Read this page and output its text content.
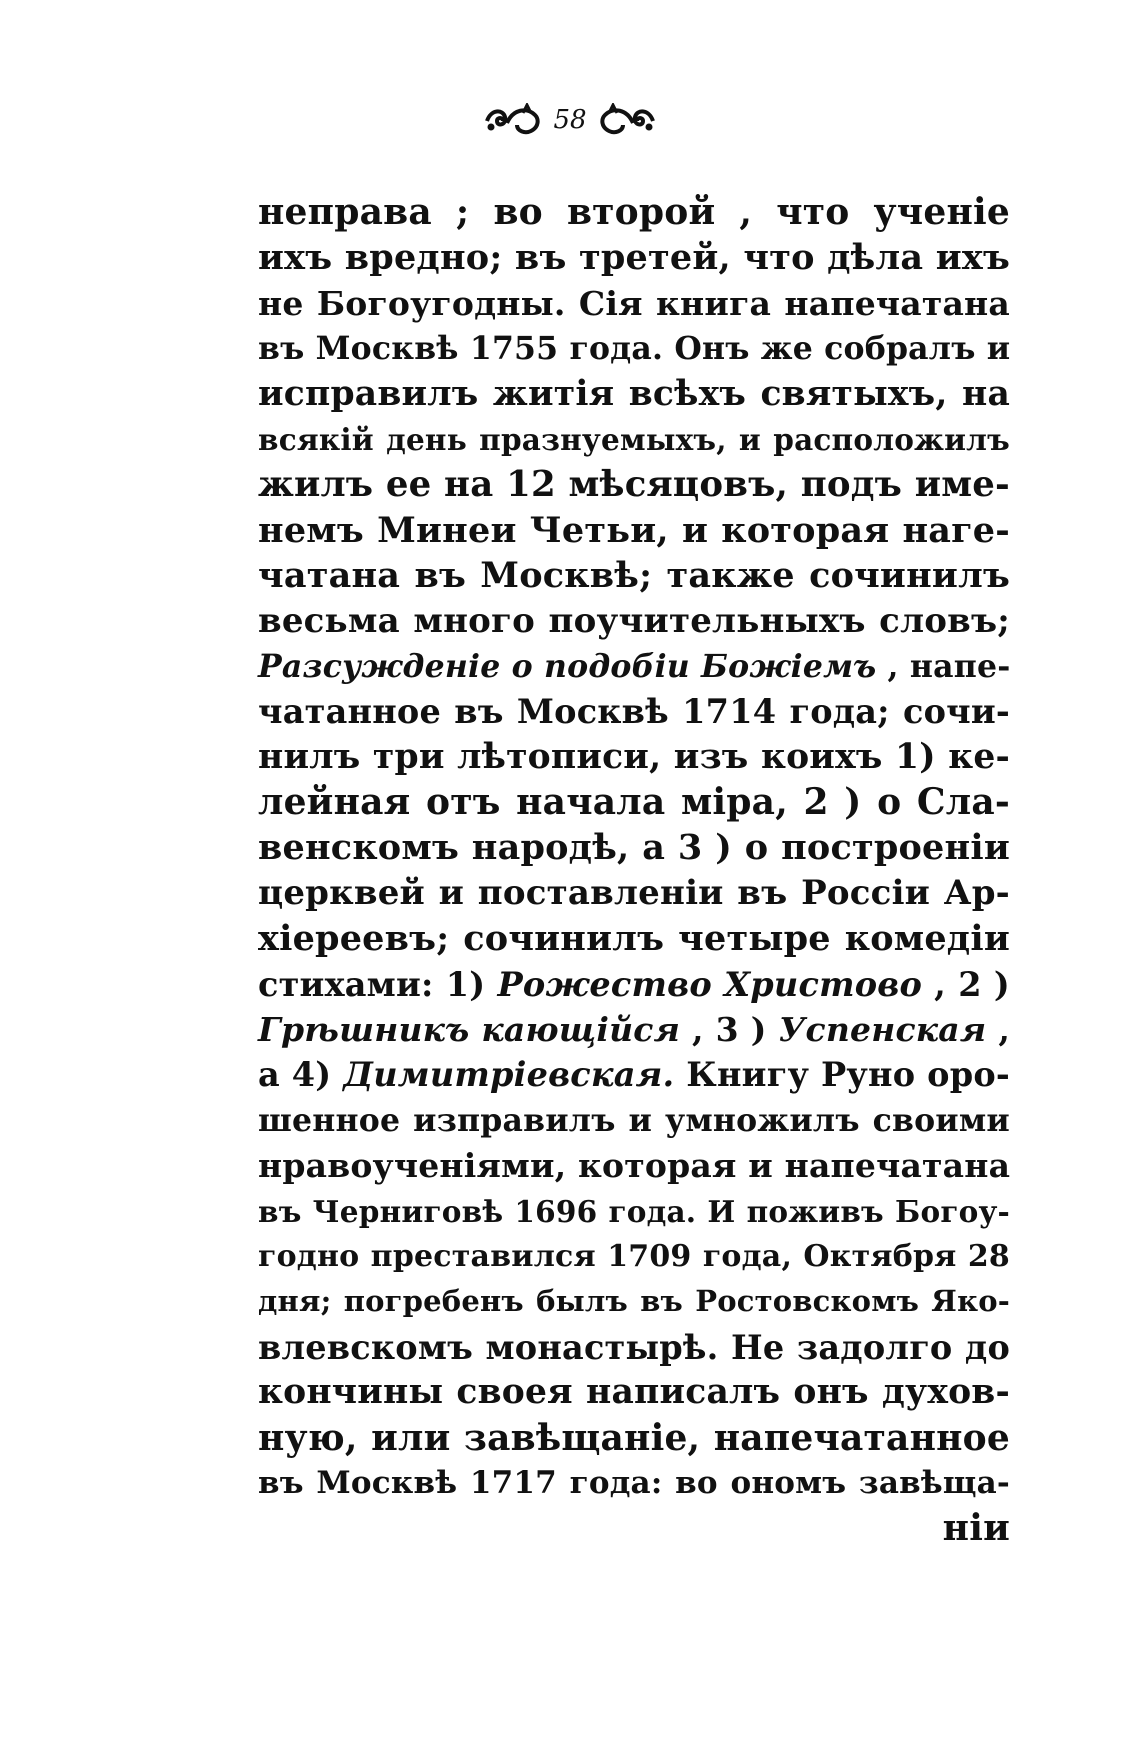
58
неправа ; во второй , что ученіе
ихъ вредно; въ третей, что дѣла ихъ
не Богоугодны. Сія книга напечатана
въ Москвѣ 1755 года. Онъ же собралъ и
исправилъ житія всѣхъ святыхъ, на
всякій день празнуемыхъ, и расположилъ
жилъ ее на 12 мѣсяцовъ, подъ име-
немъ Минеи Четьи, и которая наге-
чатана въ Москвѣ; также сочинилъ
весьма много поучительныхъ словъ;
Разсужденіе о подобіи Божіемъ , напе-
чатанное въ Москвѣ 1714 года; сочи-
нилъ три лѣтописи, изъ коихъ 1) ке-
лейная отъ начала міра, 2 ) о Сла-
венскомъ народѣ, а 3 ) о построеніи
церквей и поставленіи въ Россіи Ар-
хіереевъ; сочинилъ четыре комедіи
стихами: 1) Рожество Христово , 2 )
Грѣшникъ кающійся , 3 ) Успенская ,
а 4) Димитріевская. Книгу Руно оро-
шенное изправилъ и умножилъ своими
нравоученіями, которая и напечатана
въ Черниговѣ 1696 года. И поживъ Богоу-
годно преставился 1709 года, Октября 28
дня; погребенъ былъ въ Ростовскомъ Яко-
влевскомъ монастырѣ. Не задолго до
кончины своея написалъ онъ духов-
ную, или завѣщаніе, напечатанное
въ Москвѣ 1717 года: во ономъ завѣща-
ніи
